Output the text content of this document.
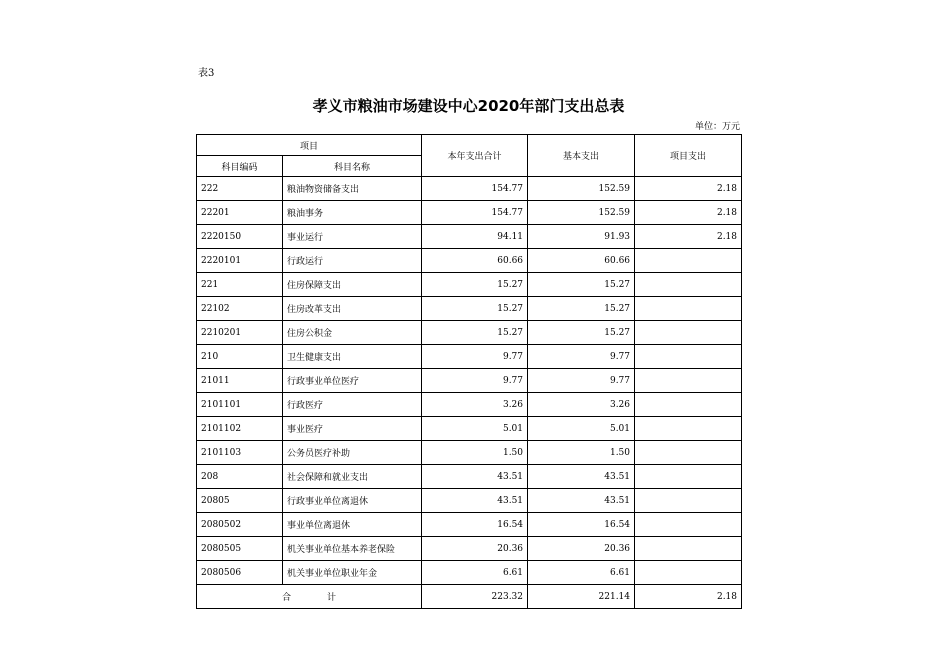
表3
孝义市粮油市场建设中心2020年部门支出总表
单位：万元
项目		本年支出合计	基本支出	项目支出
科目编码	科目名称			
222	粮油物资储备支出	154.77	152.59	2.18
22201	粮油事务	154.77	152.59	2.18
2220150	事业运行	94.11	91.93	2.18
2220101	行政运行	60.66	60.66	
221	住房保障支出	15.27	15.27	
22102	住房改革支出	15.27	15.27	
2210201	住房公积金	15.27	15.27	
210	卫生健康支出	9.77	9.77	
21011	行政事业单位医疗	9.77	9.77	
2101101	行政医疗	3.26	3.26	
2101102	事业医疗	5.01	5.01	
2101103	公务员医疗补助	1.50	1.50	
208	社会保障和就业支出	43.51	43.51	
20805	行政事业单位离退休	43.51	43.51	
2080502	事业单位离退休	16.54	16.54	
2080505	机关事业单位基本养老保险	20.36	20.36	
2080506	机关事业单位职业年金	6.61	6.61	
合 计		223.32	221.14	2.18
